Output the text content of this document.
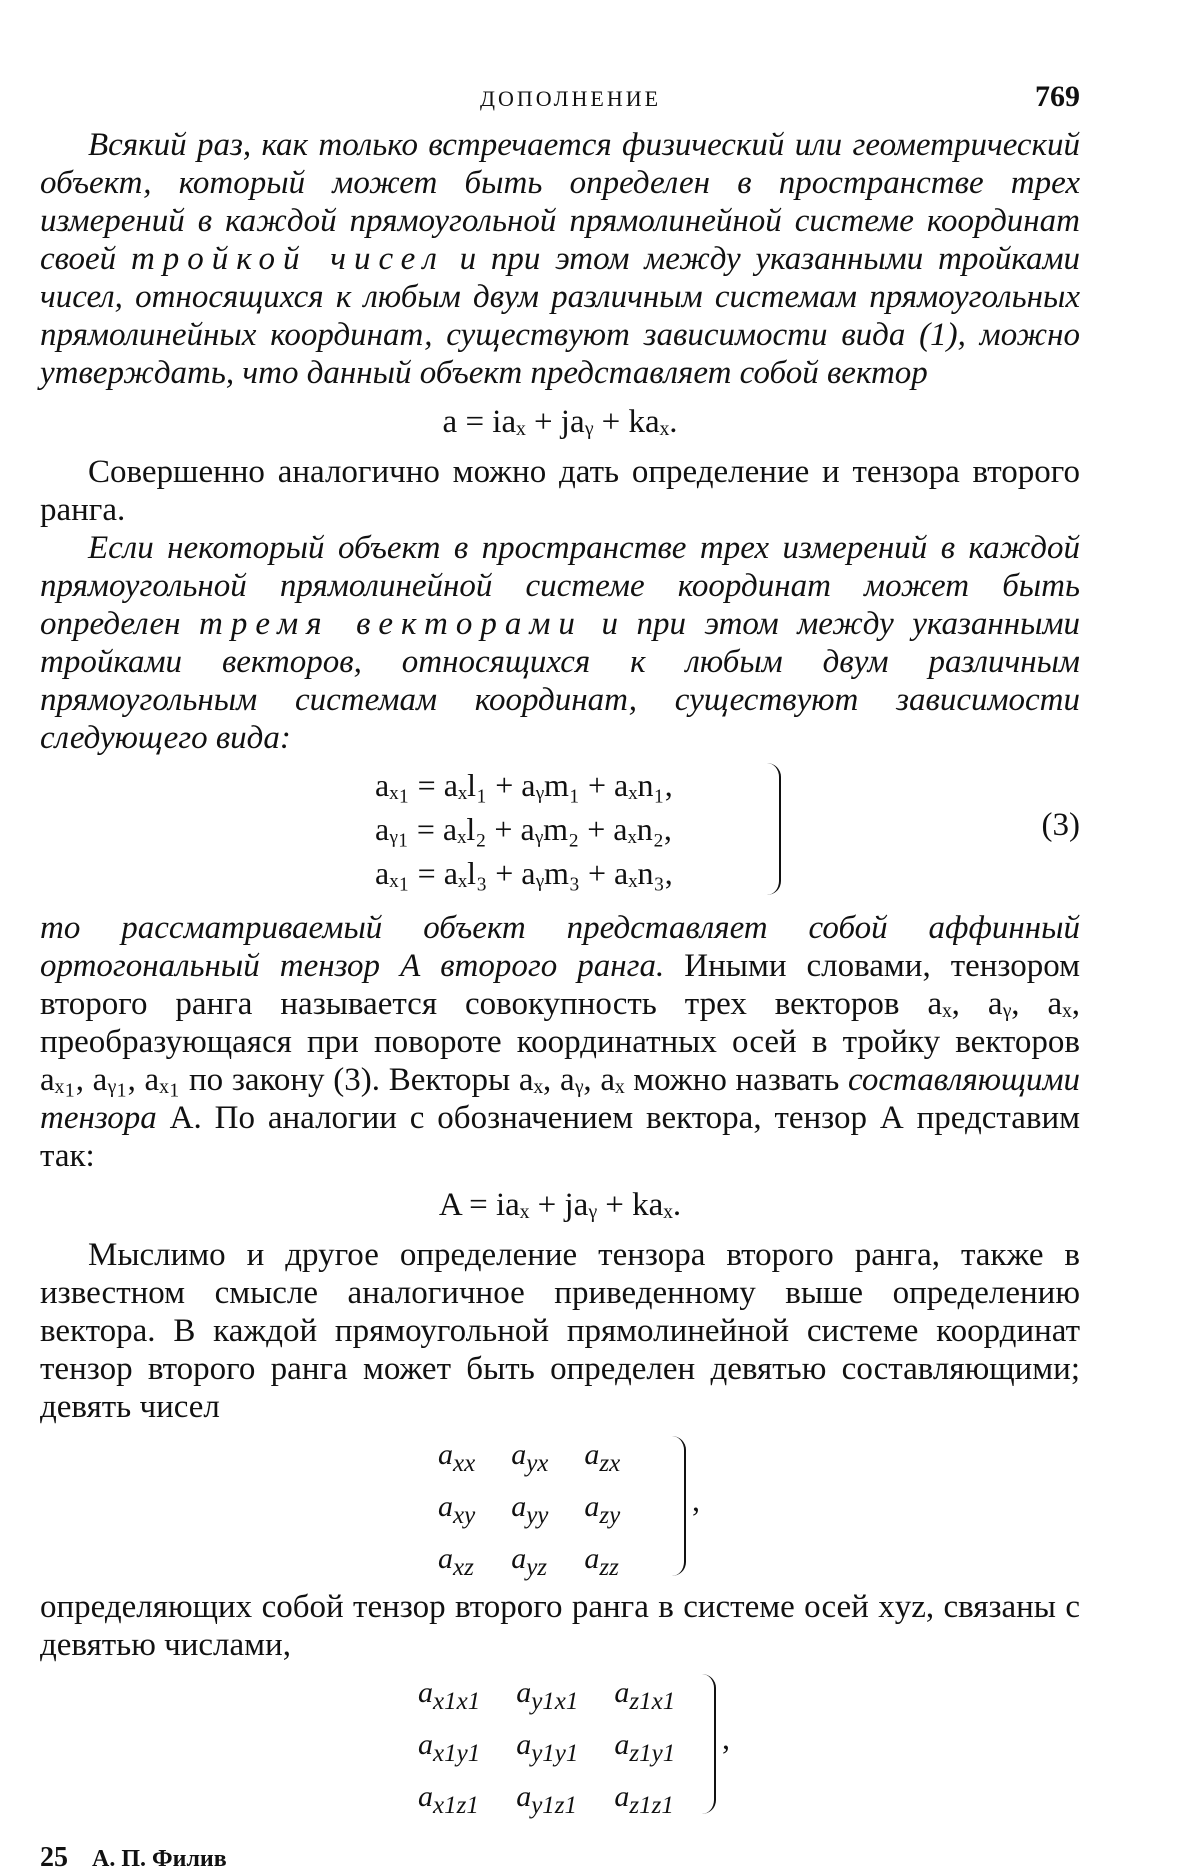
ДОПОЛНЕНИЕ	769

Всякий раз, как только встречается физический или геометрический объект, который может быть определен в пространстве трех измерений в каждой прямоугольной прямолинейной системе координат своей тройкой чисел и при этом между указанными тройками чисел, относящихся к любым двум различным системам прямоугольных прямолинейных координат, существуют зависимости вида (1), можно утверждать, что данный объект представляет собой вектор

a = iaₓ + jaᵧ + kaₓ.

Совершенно аналогично можно дать определение и тензора второго ранга.

Если некоторый объект в пространстве трех измерений в каждой прямоугольной прямолинейной системе координат может быть определен тремя векторами и при этом между указанными тройками векторов, относящихся к любым двум различным прямоугольным системам координат, существуют зависимости следующего вида:

aₓ₁ = aₓl₁ + aᵧm₁ + aₓn₁,
aᵧ₁ = aₓl₂ + aᵧm₂ + aₓn₂,
aₓ₁ = aₓl₃ + aᵧm₃ + aₓn₃,
(3)

то рассматриваемый объект представляет собой аффинный ортогональный тензор А второго ранга. Иными словами, тензором второго ранга называется совокупность трех векторов aₓ, aᵧ, aₓ, преобразующаяся при повороте координатных осей в тройку векторов aₓ₁, aᵧ₁, aₓ₁ по закону (3). Векторы aₓ, aᵧ, aₓ можно назвать составляющими тензора А. По аналогии с обозначением вектора, тензор А представим так:

A = iaₓ + jaᵧ + kaₓ.

Мыслимо и другое определение тензора второго ранга, также в известном смысле аналогичное приведенному выше определению вектора. В каждой прямоугольной прямолинейной системе координат тензор второго ранга может быть определен девятью составляющими; девять чисел

$a_{xx}$	$a_{yx}$	$a_{zx}$
$a_{xy}$	$a_{yy}$	$a_{zy}$
$a_{xz}$	$a_{yz}$	$a_{zz}$
,

определяющих собой тензор второго ранга в системе осей xyz, связаны с девятью числами,

$a_{x1x1}$	$a_{y1x1}$	$a_{z1x1}$
$a_{x1y1}$	$a_{y1y1}$	$a_{z1y1}$
$a_{x1z1}$	$a_{y1z1}$	$a_{z1z1}$
,
25 А. П. Филив
